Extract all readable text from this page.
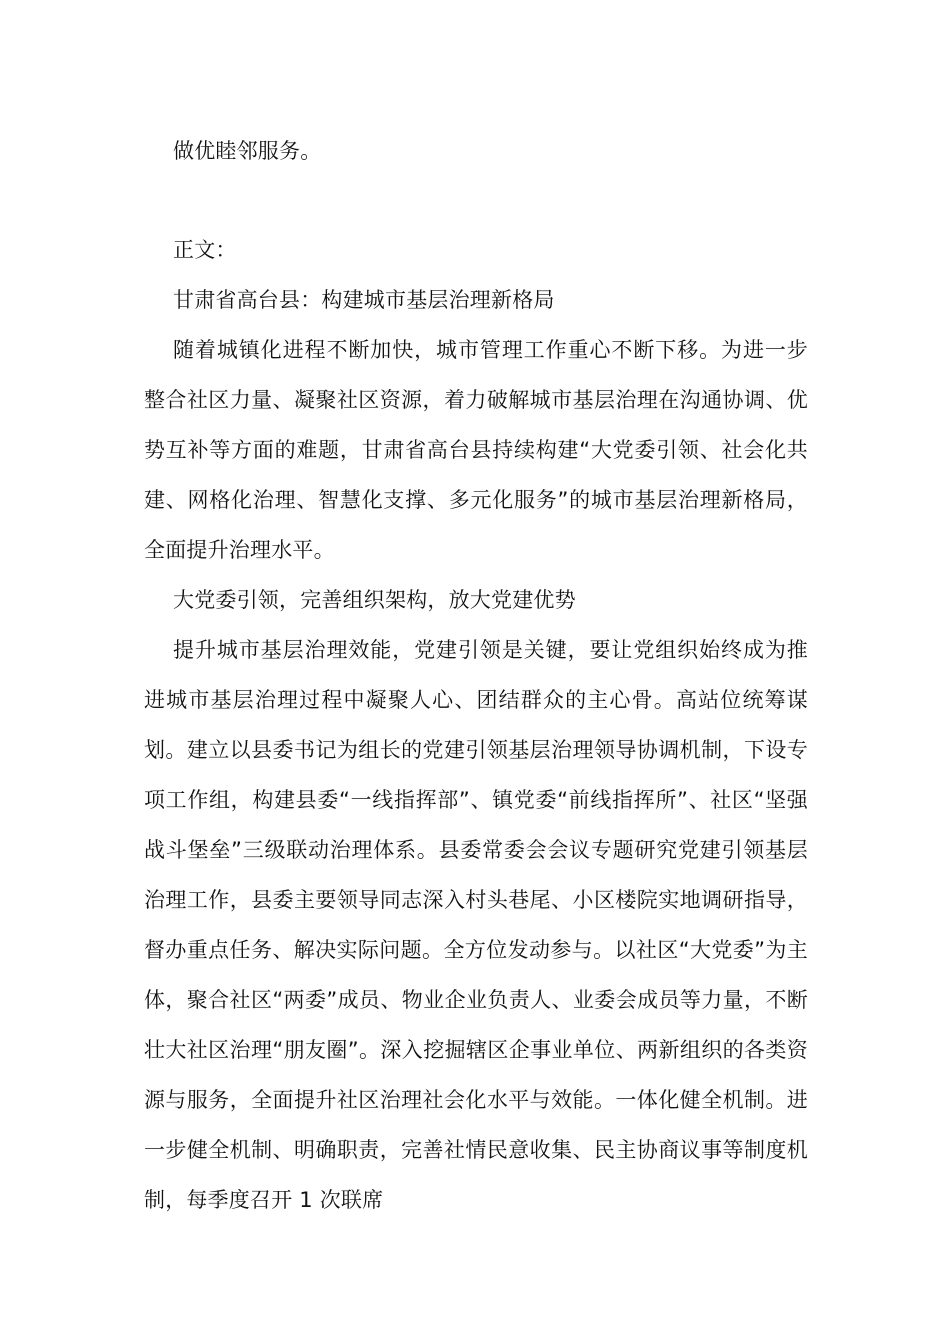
做优睦邻服务。

正文：

甘肃省高台县：构建城市基层治理新格局

随着城镇化进程不断加快，城市管理工作重心不断下移。为进一步整合社区力量、凝聚社区资源，着力破解城市基层治理在沟通协调、优势互补等方面的难题，甘肃省高台县持续构建“大党委引领、社会化共建、网格化治理、智慧化支撑、多元化服务”的城市基层治理新格局，全面提升治理水平。

大党委引领，完善组织架构，放大党建优势

提升城市基层治理效能，党建引领是关键，要让党组织始终成为推进城市基层治理过程中凝聚人心、团结群众的主心骨。高站位统筹谋划。建立以县委书记为组长的党建引领基层治理领导协调机制，下设专项工作组，构建县委“一线指挥部”、镇党委“前线指挥所”、社区“坚强战斗堡垒”三级联动治理体系。县委常委会会议专题研究党建引领基层治理工作，县委主要领导同志深入村头巷尾、小区楼院实地调研指导，督办重点任务、解决实际问题。全方位发动参与。以社区“大党委”为主体，聚合社区“两委”成员、物业企业负责人、业委会成员等力量，不断壮大社区治理“朋友圈”。深入挖掘辖区企事业单位、两新组织的各类资源与服务，全面提升社区治理社会化水平与效能。一体化健全机制。进一步健全机制、明确职责，完善社情民意收集、民主协商议事等制度机制，每季度召开 1 次联席
